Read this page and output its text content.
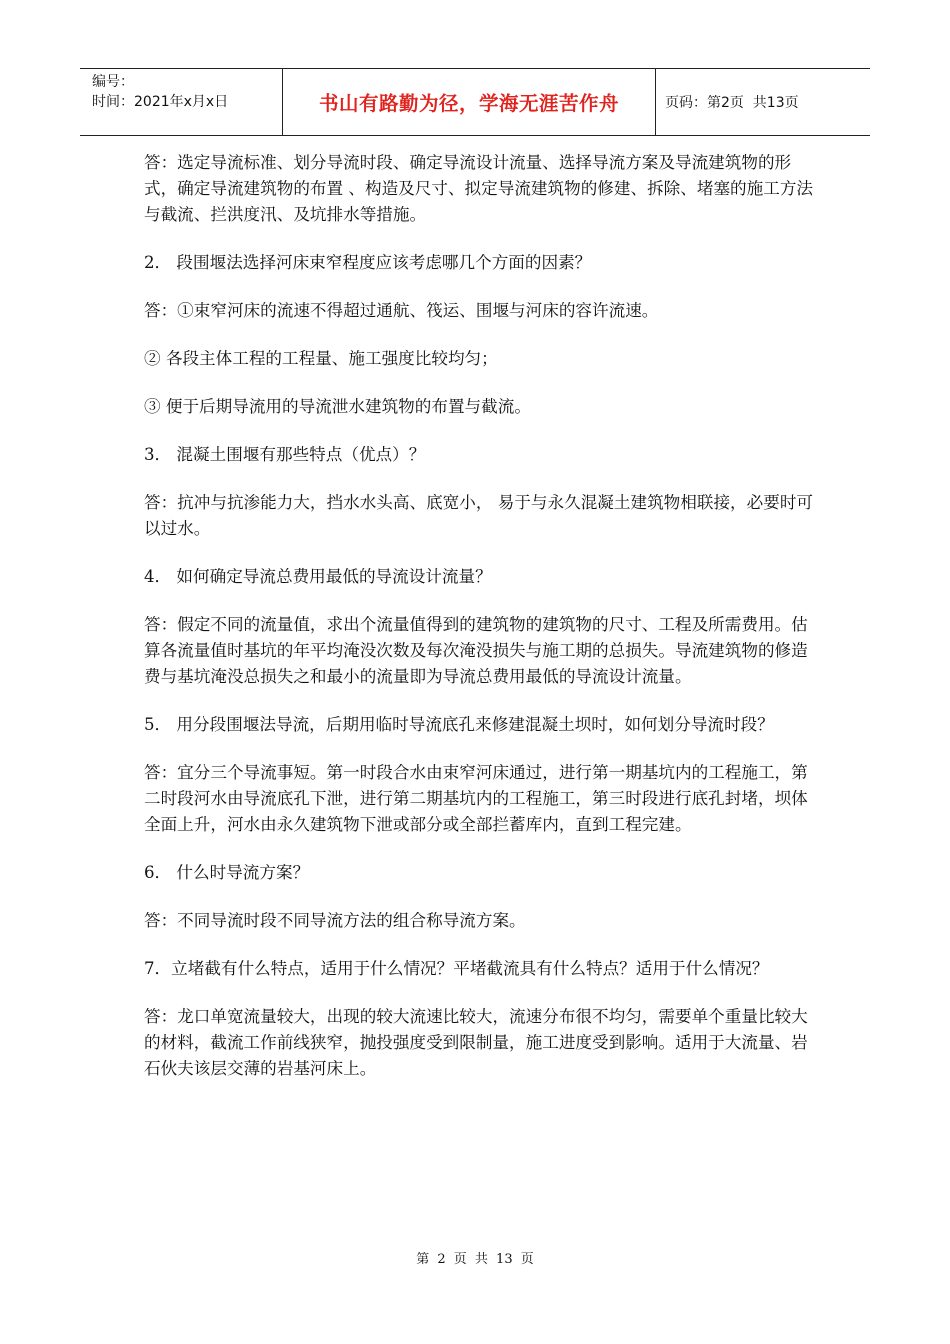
编号：
时间：2021年x月x日	书山有路勤为径，学海无涯苦作舟	页码：第2页  共13页

答：选定导流标准、划分导流时段、确定导流设计流量、选择导流方案及导流建筑物的形式，确定导流建筑物的布置 、构造及尺寸、拟定导流建筑物的修建、拆除、堵塞的施工方法与截流、拦洪度汛、及坑排水等措施。

2． 段围堰法选择河床束窄程度应该考虑哪几个方面的因素？

答：①束窄河床的流速不得超过通航、筏运、围堰与河床的容许流速。

② 各段主体工程的工程量、施工强度比较均匀；

③ 便于后期导流用的导流泄水建筑物的布置与截流。

3． 混凝土围堰有那些特点（优点）？

答：抗冲与抗渗能力大，挡水水头高、底宽小， 易于与永久混凝土建筑物相联接，必要时可以过水。

4． 如何确定导流总费用最低的导流设计流量？

答：假定不同的流量值，求出个流量值得到的建筑物的建筑物的尺寸、工程及所需费用。估算各流量值时基坑的年平均淹没次数及每次淹没损失与施工期的总损失。导流建筑物的修造费与基坑淹没总损失之和最小的流量即为导流总费用最低的导流设计流量。

5． 用分段围堰法导流，后期用临时导流底孔来修建混凝土坝时，如何划分导流时段？

答：宜分三个导流事短。第一时段合水由束窄河床通过，进行第一期基坑内的工程施工，第二时段河水由导流底孔下泄，进行第二期基坑内的工程施工，第三时段进行底孔封堵，坝体全面上升，河水由永久建筑物下泄或部分或全部拦蓄库内，直到工程完建。

6． 什么时导流方案？

答：不同导流时段不同导流方法的组合称导流方案。

7．立堵截有什么特点，适用于什么情况？平堵截流具有什么特点？适用于什么情况？

答：龙口单宽流量较大，出现的较大流速比较大，流速分布很不均匀，需要单个重量比较大的材料，截流工作前线狭窄，抛投强度受到限制量，施工进度受到影响。适用于大流量、岩石伙夫该层交薄的岩基河床上。

第 2 页 共 13 页
